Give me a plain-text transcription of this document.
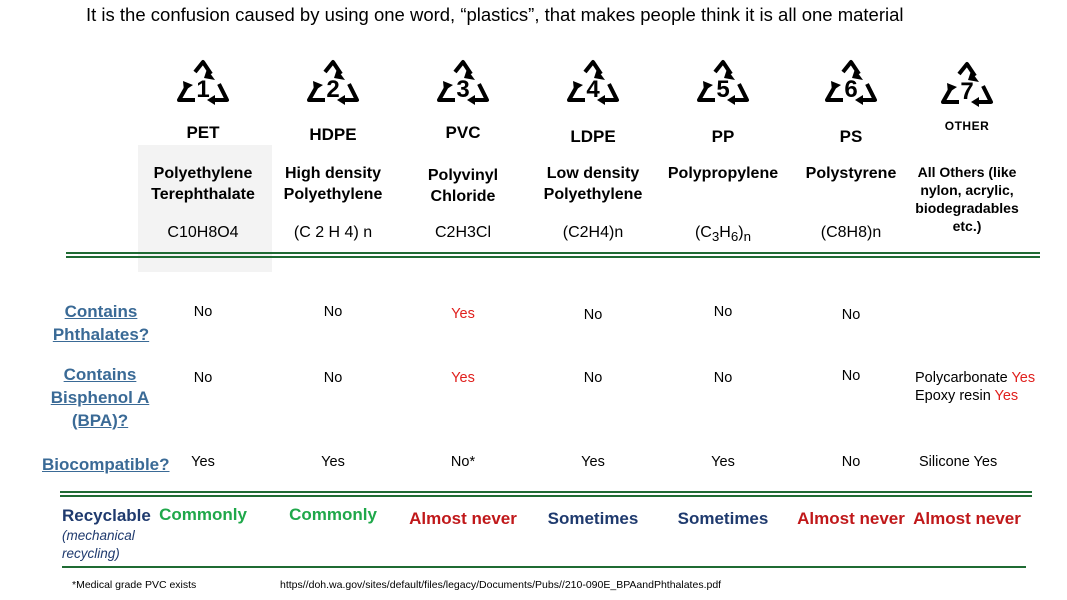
It is the confusion caused by using one word, “plastics”, that makes people think it is all one material
1
PET
Polyethylene Terephthalate
C10H8O4
2
HDPE
High density Polyethylene
(C 2 H 4) n
3
PVC
Polyvinyl Chloride
C2H3Cl
4
LDPE
Low density Polyethylene
(C2H4)n
5
PP
Polypropylene
$(C_3H_6)_n$
6
PS
Polystyrene
(C8H8)n
7
OTHER
All Others (like nylon, acrylic, biodegradables etc.)
Contains Phthalates?
Contains Bisphenol A (BPA)?
Biocompatible?
No
No
Yes
Commonly
No
No
Yes
Commonly
Yes
Yes
No*
Almost never
No
No
Yes
Sometimes
No
No
Yes
Sometimes
No
No
No
Almost never
Polycarbonate Yes
Epoxy resin Yes
Silicone Yes
Almost never
Recyclable
(mechanical recycling)
*Medical grade PVC exists	https//doh.wa.gov/sites/default/files/legacy/Documents/Pubs//210-090E_BPAandPhthalates.pdf
